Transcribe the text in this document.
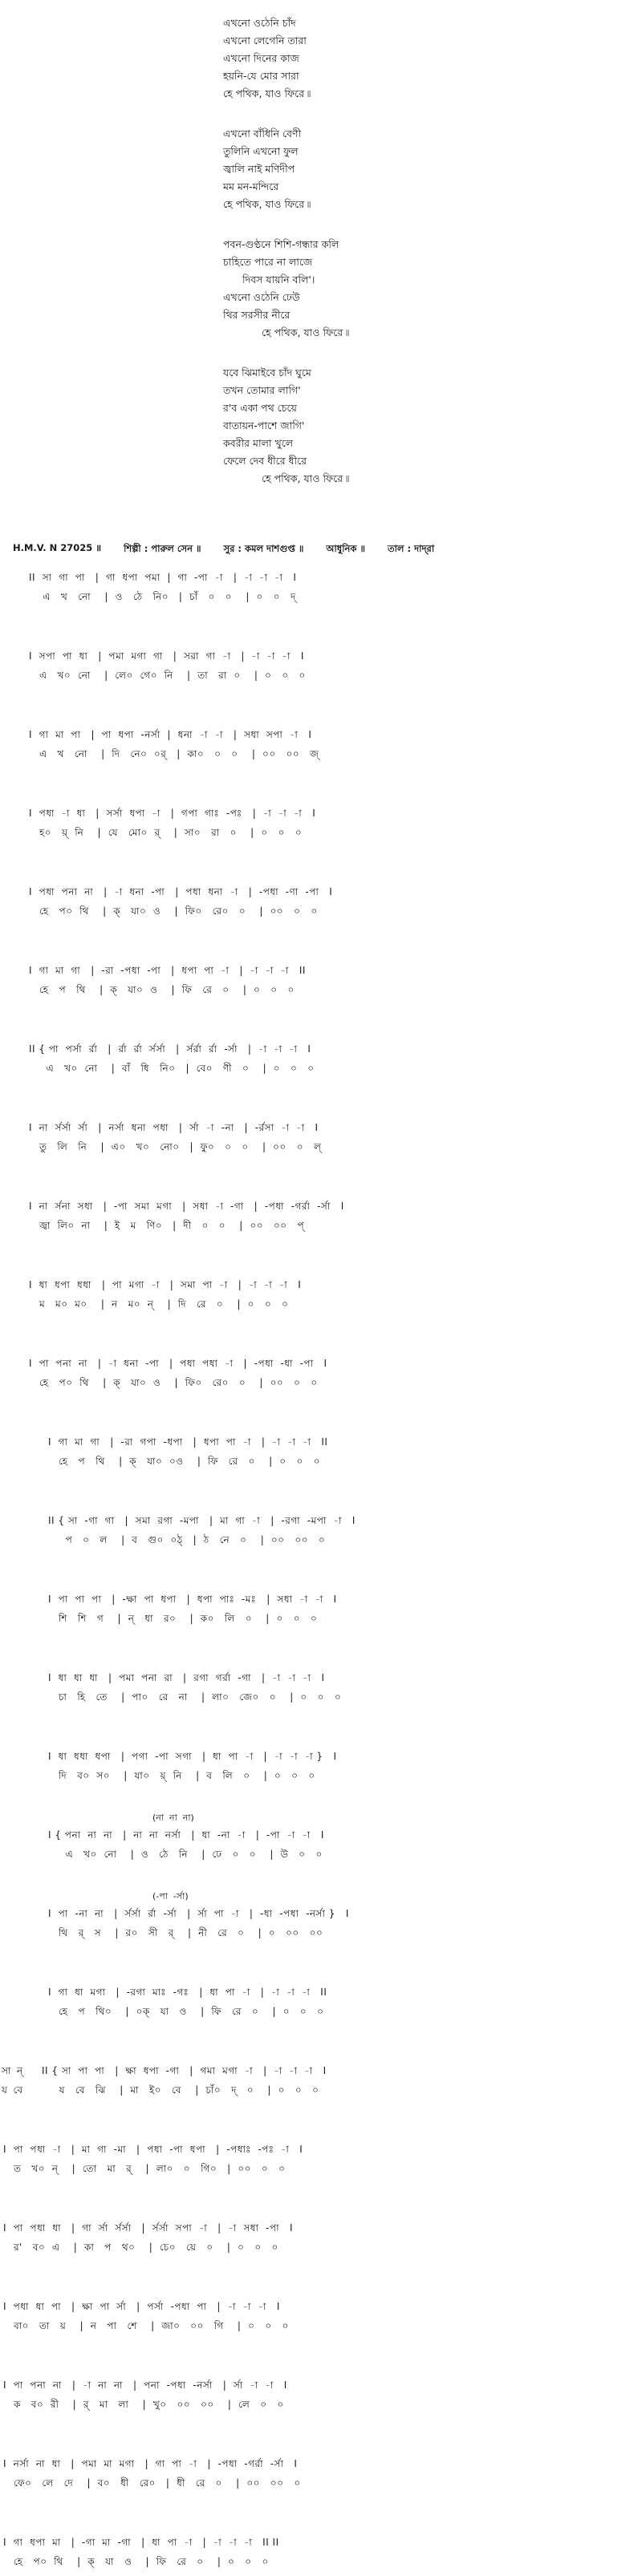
এখনো ওঠেনি চাঁদ
এখনো লেগেনি তারা
এখনো দিনের কাজ
হয়নি-যে মোর সারা
হে পথিক, যাও ফিরে ৷৷
এখনো বাঁধিনি বেণী
তুলিনি এখনো ফুল
জ্বালি নাই মণিদীপ
মম মন-মন্দিরে
হে পথিক, যাও ফিরে ৷৷
পবন-গুণ্ঠনে শিশি-গন্ধার কলি
চাহিতে পারে না লাজে
দিবস যায়নি বলি'।
এখনো ওঠেনি ঢেউ
থির সরসীর নীরে
হে পথিক, যাও ফিরে ৷৷
যবে ঝিমাইবে চাঁদ ঘুমে
তখন তোমার লাগি'
র'ব একা পথ চেয়ে
বাতায়ন-পাশে জাগি'
কবরীর মালা খুলে
ফেলে দেব ধীরে ধীরে
হে পথিক, যাও ফিরে ৷৷
H.M.V. N 27025 ॥ শিল্পী : পারুল সেন ॥ সুর : কমল দাশগুপ্ত ॥ আধুনিক ॥ তাল : দাদ্‌রা
II  সা  গা  পা   |  গা  ধপা  পমা  |  গা  -পা  -া   |  -া  -া  -া   I
এ   খ   নো    |  ও   ঠে   নি০   |  চাঁ   ০   ০    |  ০   ০   দ্
I  সপা  পা  ধা   |  পমা  মগা  গা   |  সরা  গা  -া   |  -া  -া  -া   I
এ   খ০  নো    |  লে০  গে০  নি    |  তা   রা  ০    |  ০   ০   ০
I  গা  মা  পা   |  পা  ধপা  -নর্সা  |  ধনা  -া  -া   |  সধা  সপা  -া   I
এ   খ   নো    |  দি   নে০  ০র্   |  কা০   ০   ০    |  ০০   ০০   জ্
I  পধা  -া  ধা   |  সর্সা  ধপা  -া   |  গপা  গাঃ  -পঃ   |  -া  -া  -া   I
হ০   য়্  নি    |  যে   মো০  র্    |  সা০   রা   ০    |  ০   ০   ০
I  পধা  পনা  না   |  -া  ধনা  -পা   |  পধা  ধনা  -া   |  -পধা  -ণা  -পা   I
হে   প০  থি    |  ক্   যা০  ও    |  ফি০   রে০   ০    |  ০০   ০   ০
I  গা  মা  গা   |  -রা  -পধা  -পা   |  ধপা  পা  -া   |  -া  -া  -া   II
হে   প   থি    |  ক্   যা০  ও    |  ফি   রে   ০    |  ০   ০   ০
II { পা  পর্সা  র্রা   |  র্রা  র্রা  র্সর্সা   |  র্সর্রা  র্রা  -র্সা   |  -া  -া  -া   I
এ   খ০  নো    |  বাঁ   ধি   নি০   |  বে০   ণী   ০    |  ০   ০   ০
I  না  র্সর্সা  র্সা   |  নর্সা  ধনা  পধা   |  র্সা  -া  -না   |  -র্রসা  -া  -া   I
তু   লি   নি    |  এ০   খ০   নো০   |  ফু০   ০   ০    |  ০০   ০   ল্
I  না  র্সনা  সধা   |  -পা  সমা  মগা   |  সধা  -া  -গা   |  -পধা  -গর্রা  -র্সা   I
জ্বা  লি০  না    |  ই   ম   ণি০   |  দী   ০   ০    |  ০০   ০০   প্
I  ধা  ধপা  ধধা   |  পা  মগা  -া   |  সমা  পা  -া   |  -া  -া  -া   I
ম   ম০  ম০    |  ন   ম০  ন্    |  দি   রে   ০    |  ০   ০   ০
I  পা  পনা  না   |  -া  ধনা  -পা   |  পধা  পধা  -া   |  -পধা  -ধা  -পা   I
হে   প০  থি    |  ক্   যা০  ও    |  ফি০   রে০   ০    |  ০০   ০   ০
I  গা  মা  গা   |  -রা  গপা  -ধপা   |  ধপা  পা  -া   |  -া  -া  -া   II
হে   প   থি    |  ক্   যা০  ০ও    |  ফি   রে   ০    |  ০   ০   ০
II { সা  -গা  গা   |  সমা  রগা  -মপা   |  মা  গা  -া   |  -রগা  -মপা  -া   I
প   ০   ল    |  ব   গু০  ০ঠ্   |  ঠ   নে   ০    |  ০০   ০০   ০
I  পা  পা  পা   |  -ক্ষা  পা  ধপা   |  ধপা  পাঃ  -মঃ   |  সধা  -া  -া   I
শি   শি   গ    |  ন্   ধা   র০    |  ক০   লি   ০    |  ০   ০   ০
I  ধা  ধা  ধা   |  পমা  পনা  রা   |  রগা  গর্রা  -গা   |  -া  -া  -া   I
চা   হি   তে    |  পা০   রে   না    |  লা০   জে০   ০    |  ০   ০   ০
I  ধা  ধধা  ধপা   |  পগা  -পা  সগা   |  ধা  পা  -া   |  -া  -া  -া }   I
দি   ব০  স০    |  যা০   য়্  নি    |  ব   লি   ০    |  ০   ০   ০
(না  না  না)
I { পনা  না  না   |  না  না  নর্সা   |  ধা  -না  -া   |  -পা  -া  -া   I
এ   খ০  নো    |  ও   ঠে   নি    |  ঢে   ০   ০    |  উ   ০   ০
(-পা  -র্সা)
I  পা  -না  না   |  র্সর্সা  র্রা  -র্সা   |  র্সা  পা  -া   |  -ধা  -পধা  -নর্সা }   I
থি   র্   স    |  র০   সী   র্    |  নী   রে   ০    |  ০   ০০   ০০
I  গা  ধা  মগা   |  -রগা  মাঃ  -গঃ   |  ধা  পা  -া   |  -া  -া  -া   II
হে   প   থি০    |  ০ক্   যা   ও    |  ফি   রে   ০    |  ০   ০   ০
সা  ন্
য  বে
II { সা  পা  পা   |  ক্ষা  ধপা  -গা   |  গমা  মগা  -া   |  -া  -া  -া   I
য   বে   ঝি    |  মা   ই০   বে    |  চাঁ০   দ্   ০    |  ০   ০   ০
I  পা  পধা  -া   |  মা  গা  -মা   |  পধা  -পা  ধপা   |  -পধাঃ  -পঃ  -া   I
ত   খ০  ন্    |  তো   মা   র্    |  লা০   ০   গি০   |  ০০   ০   ০
I  পা  পধা  ধা   |  গা  র্সা  র্সর্সা   |  র্সর্সা  সপা  -া   |  -া  সধা  -পা   I
র'   ব০  এ    |  কা   প   থ০    |  চে০   য়ে   ০    |  ০   ০   ০
I  পধা  ধা  পা   |  ক্ষা  পা  র্সা   |  পর্সা  -পধা  পা   |  -া  -া  -া   I
বা০   তা   য়    |  ন   পা   শে    |  জা০   ০০   গি    |  ০   ০   ০
I  পা  পনা  না   |  -া  না  না   |  পনা  -পধা  -নর্সা   |  র্সা  -া  -া   I
ক   ব০  রী    |  র্   মা   লা    |  খু০   ০০   ০০    |  লে   ০   ০
I  নর্সা  না  ধা   |  পমা  মা  মগা   |  গা  পা  -া   |  -পধা  -গর্রা  -র্সা   I
ফে০   লে   দে    |  ব০   ধী   রে০   |  ধী   রে   ০    |  ০০   ০০   ০
I  গা  ধপা  মা   |  -গা  মা  -গা   |  ধা  পা  -া   |  -া  -া  -া   II II
হে   প০  থি    |  ক্   যা   ও    |  ফি   রে   ০    |  ০   ০   ০
